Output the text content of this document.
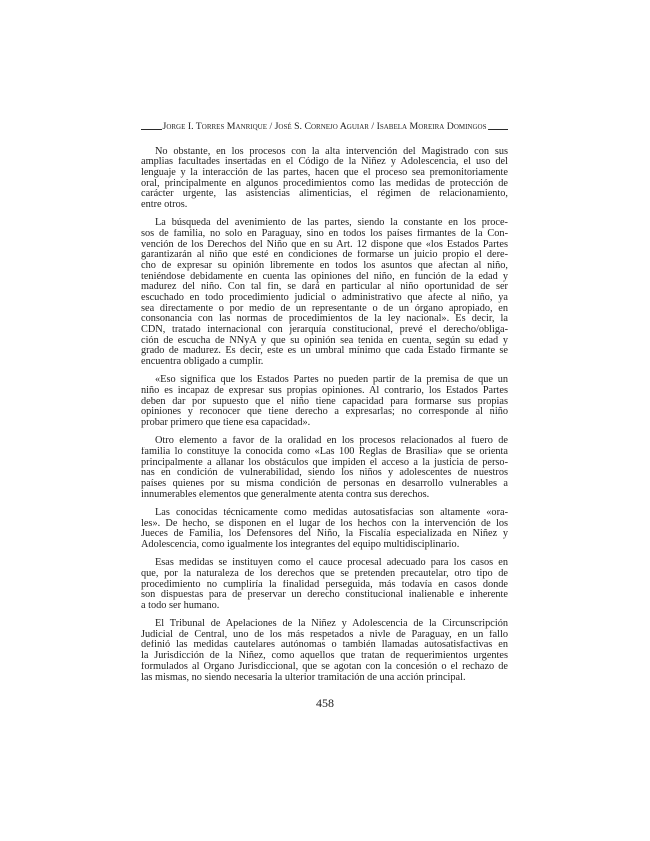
Jorge I. Torres Manrique / José S. Cornejo Aguiar / Isabela Moreira Domingos
No obstante, en los procesos con la alta intervención del Magistrado con sus
amplias facultades insertadas en el Código de la Niñez y Adolescencia, el uso del
lenguaje y la interacción de las partes, hacen que el proceso sea premonitoriamente
oral, principalmente en algunos procedimientos como las medidas de protección de
carácter urgente, las asistencias alimenticias, el régimen de relacionamiento,
entre otros.
La búsqueda del avenimiento de las partes, siendo la constante en los proce-
sos de familia, no solo en Paraguay, sino en todos los países firmantes de la Con-
vención de los Derechos del Niño que en su Art. 12 dispone que «los Estados Partes
garantizarán al niño que esté en condiciones de formarse un juicio propio el dere-
cho de expresar su opinión libremente en todos los asuntos que afectan al niño,
teniéndose debidamente en cuenta las opiniones del niño, en función de la edad y
madurez del niño. Con tal fin, se dará en particular al niño oportunidad de ser
escuchado en todo procedimiento judicial o administrativo que afecte al niño, ya
sea directamente o por medio de un representante o de un órgano apropiado, en
consonancia con las normas de procedimientos de la ley nacional». Es decir, la
CDN, tratado internacional con jerarquía constitucional, prevé el derecho/obliga-
ción de escucha de NNyA y que su opinión sea tenida en cuenta, según su edad y
grado de madurez. Es decir, este es un umbral mínimo que cada Estado firmante se
encuentra obligado a cumplir.
«Eso significa que los Estados Partes no pueden partir de la premisa de que un
niño es incapaz de expresar sus propias opiniones. Al contrario, los Estados Partes
deben dar por supuesto que el niño tiene capacidad para formarse sus propias
opiniones y reconocer que tiene derecho a expresarlas; no corresponde al niño
probar primero que tiene esa capacidad».
Otro elemento a favor de la oralidad en los procesos relacionados al fuero de
familia lo constituye la conocida como «Las 100 Reglas de Brasilia» que se orienta
principalmente a allanar los obstáculos que impiden el acceso a la justicia de perso-
nas en condición de vulnerabilidad, siendo los niños y adolescentes de nuestros
países quienes por su misma condición de personas en desarrollo vulnerables a
innumerables elementos que generalmente atenta contra sus derechos.
Las conocidas técnicamente como medidas autosatisfacias son altamente «ora-
les». De hecho, se disponen en el lugar de los hechos con la intervención de los
Jueces de Familia, los Defensores del Niño, la Fiscalía especializada en Niñez y
Adolescencia, como igualmente los integrantes del equipo multidisciplinario.
Esas medidas se instituyen como el cauce procesal adecuado para los casos en
que, por la naturaleza de los derechos que se pretenden precautelar, otro tipo de
procedimiento no cumpliría la finalidad perseguida, más todavía en casos donde
son dispuestas para de preservar un derecho constitucional inalienable e inherente
a todo ser humano.
El Tribunal de Apelaciones de la Niñez y Adolescencia de la Circunscripción
Judicial de Central, uno de los más respetados a nivle de Paraguay, en un fallo
definió las medidas cautelares autónomas o también llamadas autosatisfactivas en
la Jurisdicción de la Niñez, como aquellos que tratan de requerimientos urgentes
formulados al Órgano Jurisdiccional, que se agotan con la concesión o el rechazo de
las mismas, no siendo necesaria la ulterior tramitación de una acción principal.
458
